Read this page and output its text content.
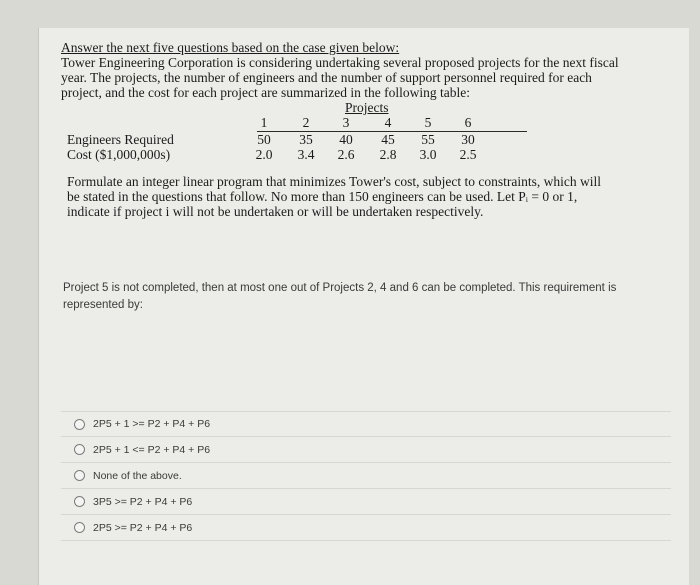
Answer the next five questions based on the case given below:

Tower Engineering Corporation is considering undertaking several proposed projects for the next fiscal year. The projects, the number of engineers and the number of support personnel required for each project, and the cost for each project are summarized in the following table:

Projects
1	2	3	4	5	6
Engineers Required	50	35	40	45	55	30
Cost ($1,000,000s)	2.0	3.4	2.6	2.8	3.0	2.5

Formulate an integer linear program that minimizes Tower's cost, subject to constraints, which will be stated in the questions that follow. No more than 150 engineers can be used. Let Pᵢ = 0 or 1, indicate if project i will not be undertaken or will be undertaken respectively.

Project 5 is not completed, then at most one out of Projects 2, 4 and 6 can be completed. This requirement is represented by:
2P5 + 1 >= P2 + P4 + P6
2P5 + 1 <= P2 + P4 + P6
None of the above.
3P5 >= P2 + P4 + P6
2P5 >= P2 + P4 + P6
